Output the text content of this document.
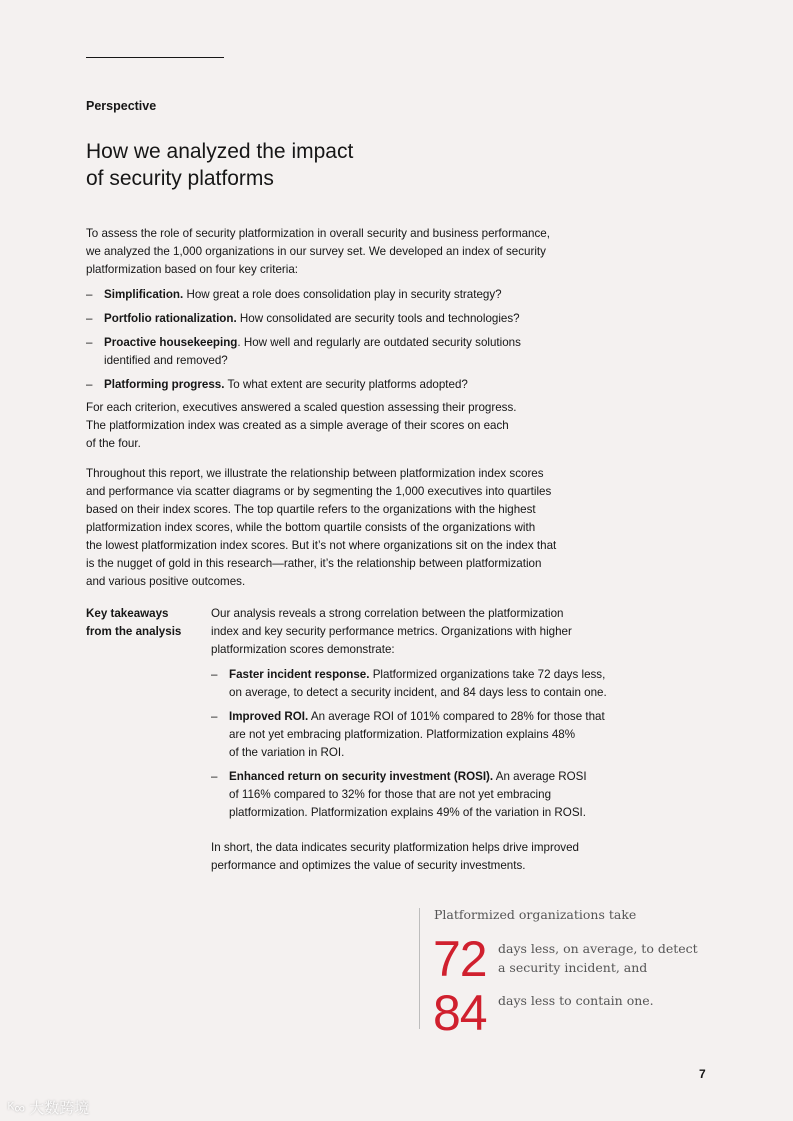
Perspective
How we analyzed the impact
of security platforms
To assess the role of security platformization in overall security and business performance,
we analyzed the 1,000 organizations in our survey set. We developed an index of security
platformization based on four key criteria:
– Simplification. How great a role does consolidation play in security strategy?
– Portfolio rationalization. How consolidated are security tools and technologies?
– Proactive housekeeping. How well and regularly are outdated security solutions
identified and removed?
– Platforming progress. To what extent are security platforms adopted?
For each criterion, executives answered a scaled question assessing their progress.
The platformization index was created as a simple average of their scores on each
of the four.
Throughout this report, we illustrate the relationship between platformization index scores
and performance via scatter diagrams or by segmenting the 1,000 executives into quartiles
based on their index scores. The top quartile refers to the organizations with the highest
platformization index scores, while the bottom quartile consists of the organizations with
the lowest platformization index scores. But it’s not where organizations sit on the index that
is the nugget of gold in this research—rather, it’s the relationship between platformization
and various positive outcomes.
Key takeaways
from the analysis
Our analysis reveals a strong correlation between the platformization
index and key security performance metrics. Organizations with higher
platformization scores demonstrate:
– Faster incident response. Platformized organizations take 72 days less,
on average, to detect a security incident, and 84 days less to contain one.
– Improved ROI. An average ROI of 101% compared to 28% for those that
are not yet embracing platformization. Platformization explains 48%
of the variation in ROI.
– Enhanced return on security investment (ROSI). An average ROSI
of 116% compared to 32% for those that are not yet embracing
platformization. Platformization explains 49% of the variation in ROSI.
In short, the data indicates security platformization helps drive improved
performance and optimizes the value of security investments.
Platformized organizations take
72 days less, on average, to detect
a security incident, and
84 days less to contain one.
7
ᴷ∞ 大数跨境
